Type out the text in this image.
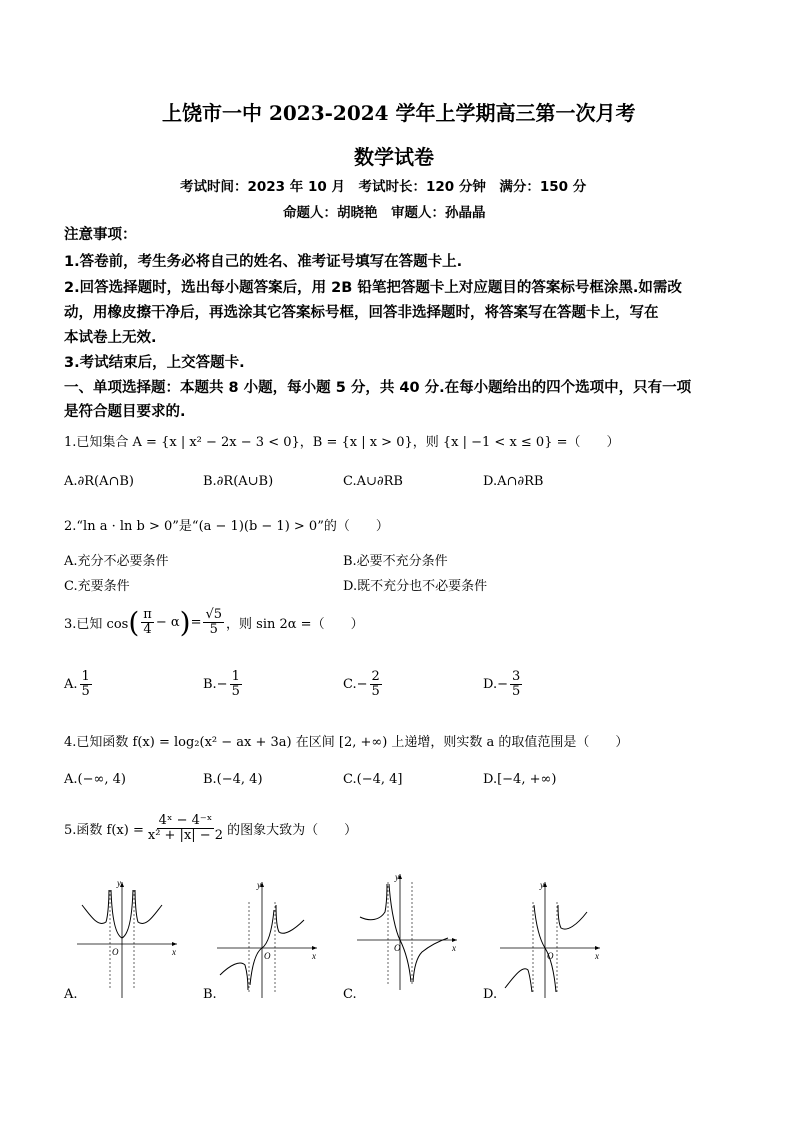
上饶市一中 2023-2024 学年上学期高三第一次月考
数学试卷
考试时间：2023 年 10 月　考试时长：120 分钟　满分：150 分
命题人：胡晓艳　审题人：孙晶晶
注意事项：
1.答卷前，考生务必将自己的姓名、准考证号填写在答题卡上.
2.回答选择题时，选出每小题答案后，用 2B 铅笔把答题卡上对应题目的答案标号框涂黑.如需改
动，用橡皮擦干净后，再选涂其它答案标号框，回答非选择题时，将答案写在答题卡上，写在
本试卷上无效.
3.考试结束后，上交答题卡.
一、单项选择题：本题共 8 小题，每小题 5 分，共 40 分.在每小题给出的四个选项中，只有一项
是符合题目要求的.
1.已知集合 A = {x | x² − 2x − 3 < 0}，B = {x | x > 0}，则 {x | −1 < x ≤ 0} =（　　）
A.∂R(A∩B)	B.∂R(A∪B)	C.A∪∂RB	D.A∩∂RB
2.“ln a · ln b > 0”是“(a − 1)(b − 1) > 0”的（　　）
A.充分不必要条件	B.必要不充分条件
C.充要条件	D.既不充分也不必要条件
3.已知 cos ( $\frac{\pi}{4} - \alpha$ ) = $\frac{√5}{5}$ ，则 sin 2α =（　　）
A. $\frac{1}{5}$	$B.- \frac{1}{5}$	$C.- \frac{2}{5}$	$D.- \frac{3}{5}$
4.已知函数 f(x) = log₂(x² − ax + 3a) 在区间 [2, +∞) 上递增，则实数 a 的取值范围是（　　）
A.(−∞, 4)	B.(−4, 4)	C.(−4, 4]	D.[−4, +∞)
5.函数 $f(x) = \frac{\text{4ˣ − 4⁻ˣ}}{\text{x² + |x| − 2}}$ 的图象大致为（　　）
y
x
O
A.
y
x
O
B.
y
x
O
C.
y
x
O
D.
